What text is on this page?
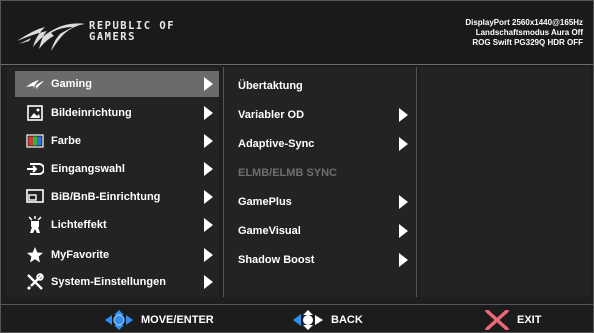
REPUBLIC OF
GAMERS
DisplayPort 2560x1440@165Hz
Landschaftsmodus Aura Off
ROG Swift PG329Q HDR OFF
Gaming
Bildeinrichtung
Farbe
Eingangswahl
BiB/BnB-Einrichtung
Lichteffekt
MyFavorite
System-Einstellungen
Übertaktung
Variabler OD
Adaptive-Sync
ELMB/ELMB SYNC
GamePlus
GameVisual
Shadow Boost
MOVE/ENTER	BACK	EXIT
